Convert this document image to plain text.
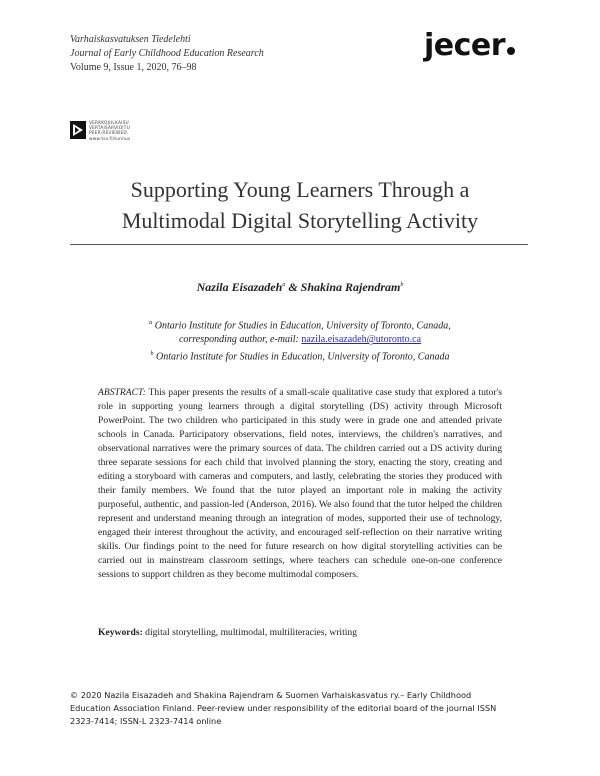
Varhaiskasvatuksen Tiedelehti
Journal of Early Childhood Education Research
Volume 9, Issue 1, 2020, 76–98
jecer
VERKKOJULKAISU
VERTAISARVIOITU
PEER-REVIEWED
www.tsv.fi/tunnus
Supporting Young Learners Through a
Multimodal Digital Storytelling Activity
Nazila Eisazadeh$^a$ & Shakina Rajendram$^b$
$^a$ Ontario Institute for Studies in Education, University of Toronto, Canada,
corresponding author, e-mail: nazila.eisazadeh@utoronto.ca
$^b$ Ontario Institute for Studies in Education, University of Toronto, Canada
ABSTRACT: This paper presents the results of a small-scale qualitative case study that explored a tutor's role in supporting young learners through a digital storytelling (DS) activity through Microsoft PowerPoint. The two children who participated in this study were in grade one and attended private schools in Canada. Participatory observations, field notes, interviews, the children's narratives, and observational narratives were the primary sources of data. The children carried out a DS activity during three separate sessions for each child that involved planning the story, enacting the story, creating and editing a storyboard with cameras and computers, and lastly, celebrating the stories they produced with their family members. We found that the tutor played an important role in making the activity purposeful, authentic, and passion-led (Anderson, 2016). We also found that the tutor helped the children represent and understand meaning through an integration of modes, supported their use of technology, engaged their interest throughout the activity, and encouraged self-reflection on their narrative writing skills. Our findings point to the need for future research on how digital storytelling activities can be carried out in mainstream classroom settings, where teachers can schedule one-on-one conference sessions to support children as they become multimodal composers.
Keywords: digital storytelling, multimodal, multiliteracies, writing
© 2020 Nazila Eisazadeh and Shakina Rajendram & Suomen Varhaiskasvatus ry.– Early Childhood
Education Association Finland. Peer-review under responsibility of the editorial board of the journal ISSN
2323-7414; ISSN-L 2323-7414 online
